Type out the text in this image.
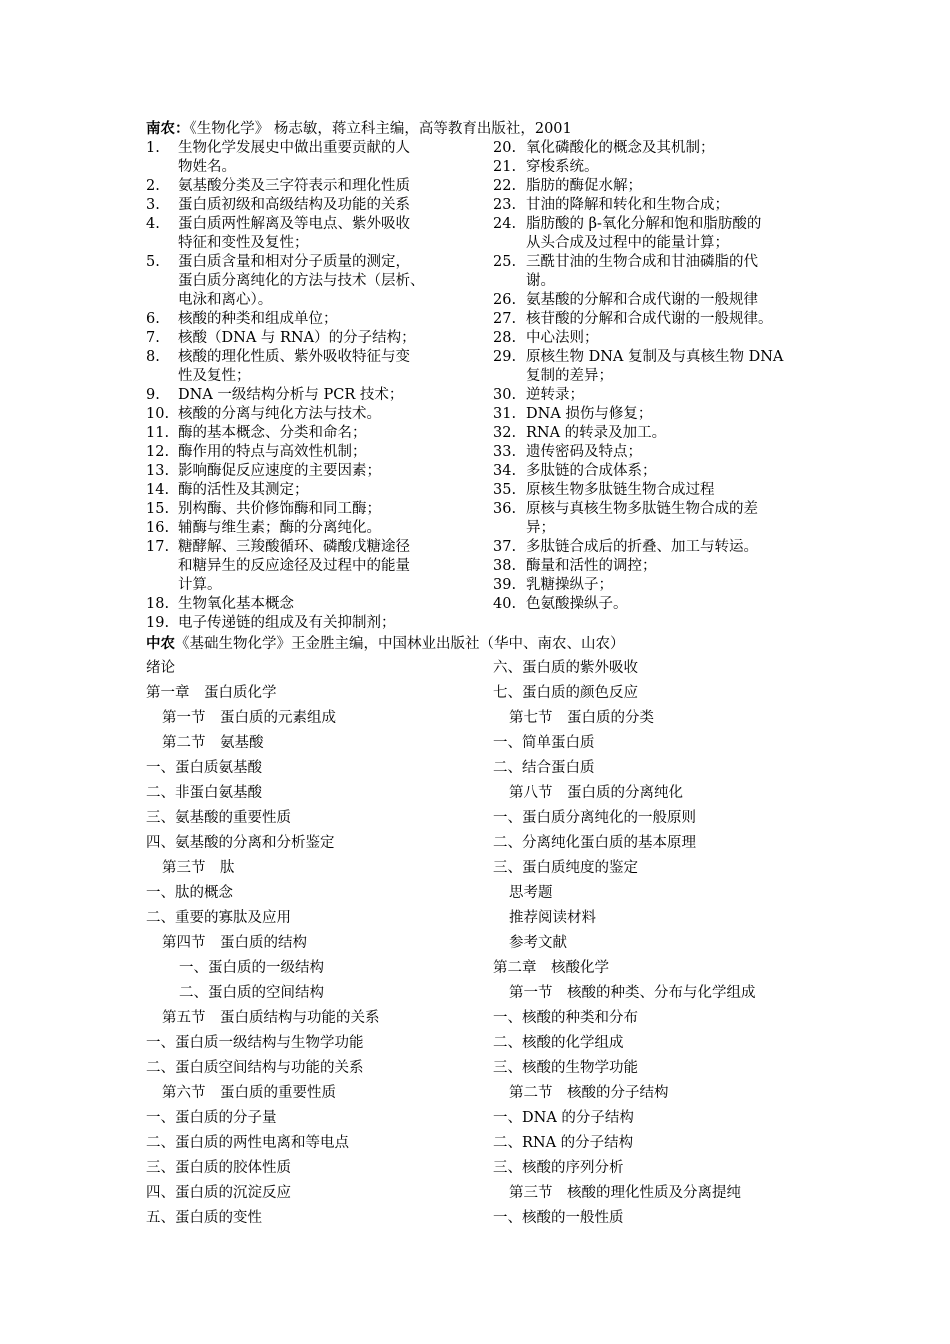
南农：《生物化学》 杨志敏，蒋立科主编，高等教育出版社，2001
1.	生物化学发展史中做出重要贡献的人
物姓名。
2.	氨基酸分类及三字符表示和理化性质
3.	蛋白质初级和高级结构及功能的关系
4.	蛋白质两性解离及等电点、紫外吸收
特征和变性及复性；
5.	蛋白质含量和相对分子质量的测定，
蛋白质分离纯化的方法与技术（层析、
电泳和离心）。
6.	核酸的种类和组成单位；
7.	核酸（DNA 与 RNA）的分子结构；
8.	核酸的理化性质、紫外吸收特征与变
性及复性；
9.	DNA 一级结构分析与 PCR 技术；
10. 核酸的分离与纯化方法与技术。
11. 酶的基本概念、分类和命名；
12. 酶作用的特点与高效性机制；
13. 影响酶促反应速度的主要因素；
14. 酶的活性及其测定；
15. 别构酶、共价修饰酶和同工酶；
16. 辅酶与维生素；酶的分离纯化。
17. 糖酵解、三羧酸循环、磷酸戊糖途径
和糖异生的反应途径及过程中的能量
计算。
18. 生物氧化基本概念
19. 电子传递链的组成及有关抑制剂；
20. 氧化磷酸化的概念及其机制；
21. 穿梭系统。
22. 脂肪的酶促水解；
23. 甘油的降解和转化和生物合成；
24. 脂肪酸的 β-氧化分解和饱和脂肪酸的
从头合成及过程中的能量计算；
25. 三酰甘油的生物合成和甘油磷脂的代
谢。
26. 氨基酸的分解和合成代谢的一般规律
27. 核苷酸的分解和合成代谢的一般规律。
28. 中心法则；
29. 原核生物 DNA 复制及与真核生物 DNA
复制的差异；
30. 逆转录；
31. DNA 损伤与修复；
32. RNA 的转录及加工。
33. 遗传密码及特点；
34. 多肽链的合成体系；
35. 原核生物多肽链生物合成过程
36. 原核与真核生物多肽链生物合成的差
异；
37. 多肽链合成后的折叠、加工与转运。
38. 酶量和活性的调控；
39. 乳糖操纵子；
40. 色氨酸操纵子。
中农《基础生物化学》王金胜主编，中国林业出版社（华中、南农、山农）
绪论
第一章　蛋白质化学
第一节　蛋白质的元素组成
第二节　氨基酸
一、蛋白质氨基酸
二、非蛋白氨基酸
三、氨基酸的重要性质
四、氨基酸的分离和分析鉴定
第三节　肽
一、肽的概念
二、重要的寡肽及应用
第四节　蛋白质的结构
一、蛋白质的一级结构
二、蛋白质的空间结构
第五节　蛋白质结构与功能的关系
一、蛋白质一级结构与生物学功能
二、蛋白质空间结构与功能的关系
第六节　蛋白质的重要性质
一、蛋白质的分子量
二、蛋白质的两性电离和等电点
三、蛋白质的胶体性质
四、蛋白质的沉淀反应
五、蛋白质的变性
六、蛋白质的紫外吸收
七、蛋白质的颜色反应
第七节　蛋白质的分类
一、简单蛋白质
二、结合蛋白质
第八节　蛋白质的分离纯化
一、蛋白质分离纯化的一般原则
二、分离纯化蛋白质的基本原理
三、蛋白质纯度的鉴定
思考题
推荐阅读材料
参考文献
第二章　核酸化学
第一节　核酸的种类、分布与化学组成
一、核酸的种类和分布
二、核酸的化学组成
三、核酸的生物学功能
第二节　核酸的分子结构
一、DNA 的分子结构
二、RNA 的分子结构
三、核酸的序列分析
第三节　核酸的理化性质及分离提纯
一、核酸的一般性质
